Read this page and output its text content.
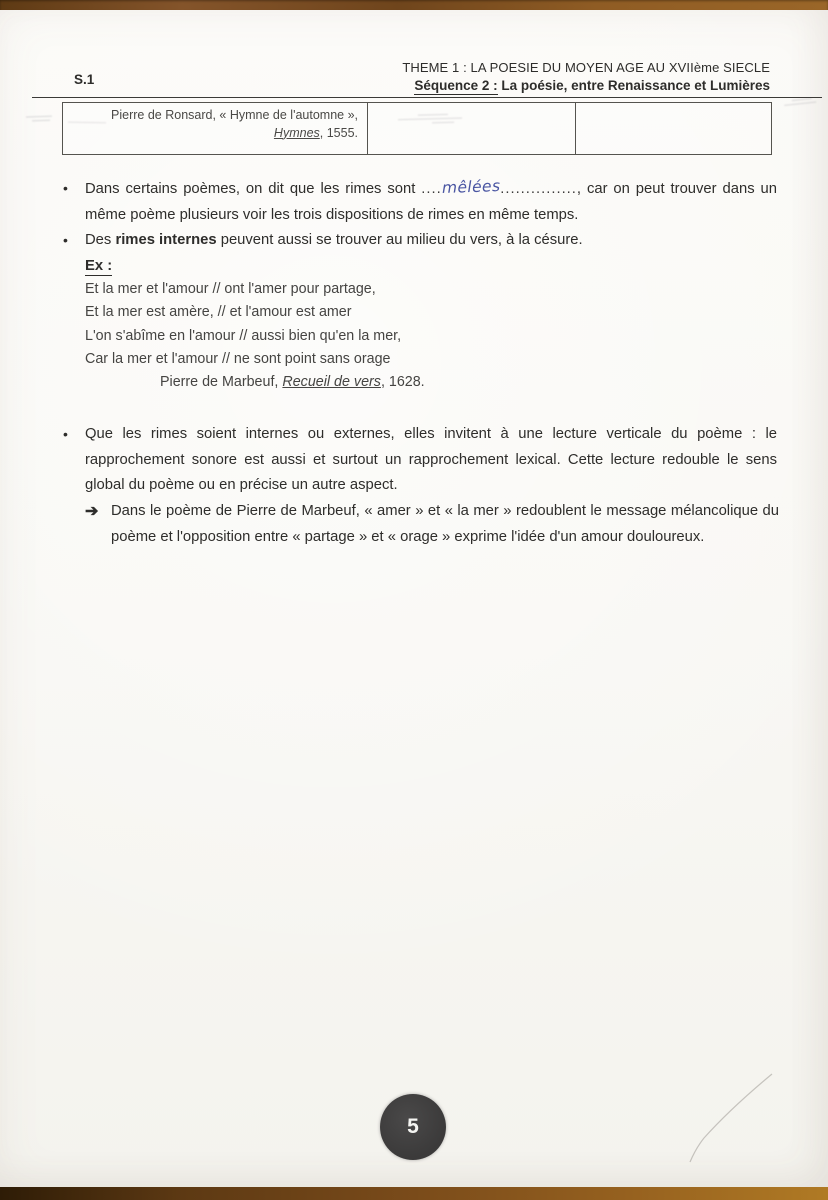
S.1
THEME 1 : LA POESIE DU MOYEN AGE AU XVIIème SIECLE
Séquence 2 : La poésie, entre Renaissance et Lumières
Pierre de Ronsard, « Hymne de l'automne »,
Hymnes, 1555.
• Dans certains poèmes, on dit que les rimes sont ....mêlées..............., car on peut trouver dans un même poème plusieurs voir les trois dispositions de rimes en même temps.
• Des rimes internes peuvent aussi se trouver au milieu du vers, à la césure.
Ex :
Et la mer et l'amour // ont l'amer pour partage,
Et la mer est amère, // et l'amour est amer
L'on s'abîme en l'amour // aussi bien qu'en la mer,
Car la mer et l'amour // ne sont point sans orage
Pierre de Marbeuf, Recueil de vers, 1628.
• Que les rimes soient internes ou externes, elles invitent à une lecture verticale du poème : le rapprochement sonore est aussi et surtout un rapprochement lexical. Cette lecture redouble le sens global du poème ou en précise un autre aspect.
➔ Dans le poème de Pierre de Marbeuf, « amer » et « la mer » redoublent le message mélancolique du poème et l'opposition entre « partage » et « orage » exprime l'idée d'un amour douloureux.
5
